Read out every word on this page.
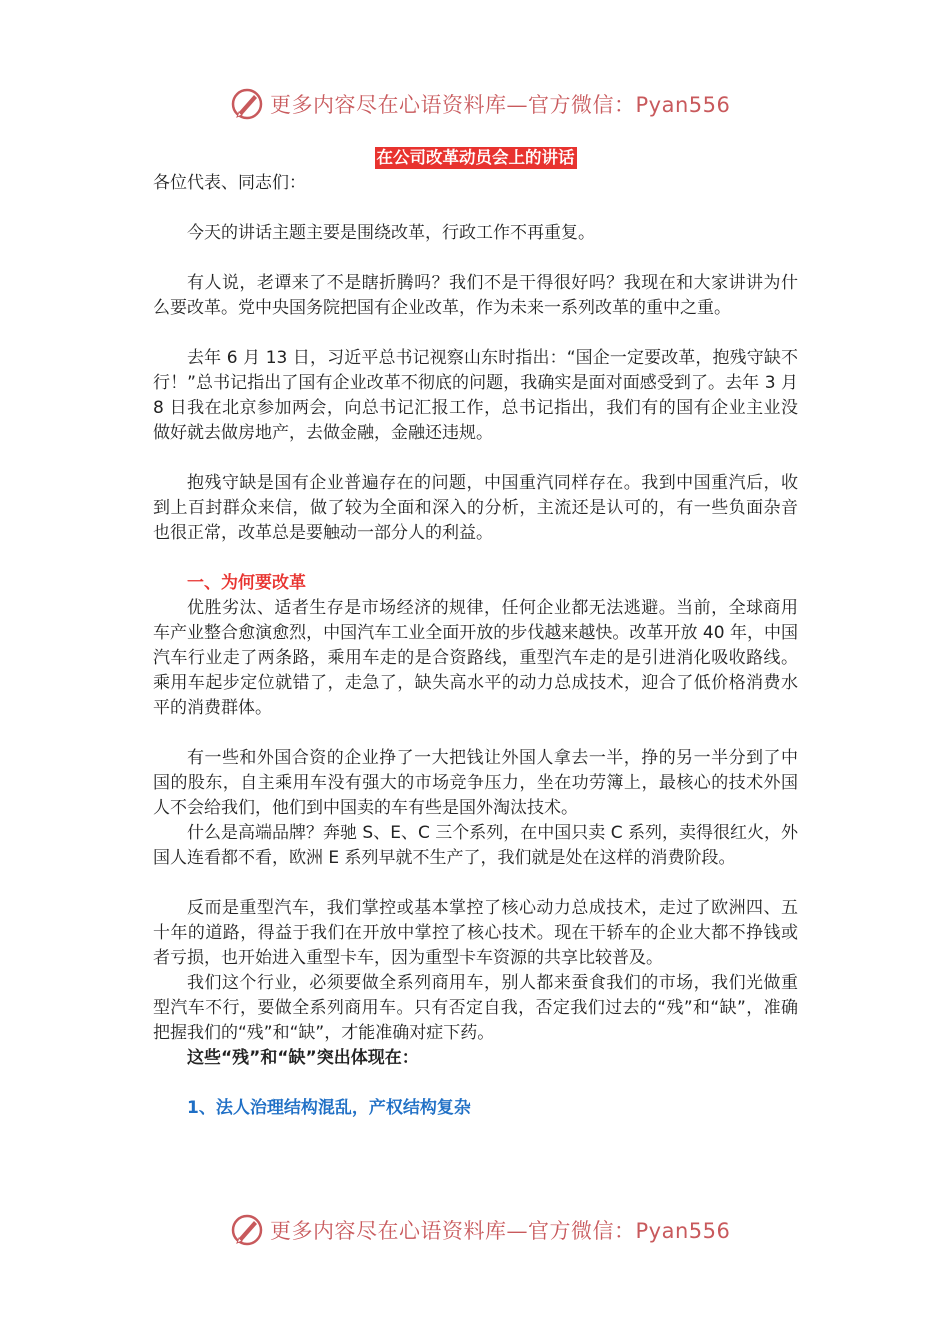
更多内容尽在心语资料库—官方微信：Pyan556
在公司改革动员会上的讲话

各位代表、同志们：

今天的讲话主题主要是围绕改革，行政工作不再重复。

有人说，老谭来了不是瞎折腾吗？我们不是干得很好吗？我现在和大家讲讲为什么要改革。党中央国务院把国有企业改革，作为未来一系列改革的重中之重。

去年 6 月 13 日，习近平总书记视察山东时指出：“国企一定要改革，抱残守缺不行！”总书记指出了国有企业改革不彻底的问题，我确实是面对面感受到了。去年 3 月 8 日我在北京参加两会，向总书记汇报工作，总书记指出，我们有的国有企业主业没做好就去做房地产，去做金融，金融还违规。

抱残守缺是国有企业普遍存在的问题，中国重汽同样存在。我到中国重汽后，收到上百封群众来信，做了较为全面和深入的分析，主流还是认可的，有一些负面杂音也很正常，改革总是要触动一部分人的利益。

一、为何要改革

优胜劣汰、适者生存是市场经济的规律，任何企业都无法逃避。当前，全球商用车产业整合愈演愈烈，中国汽车工业全面开放的步伐越来越快。改革开放 40 年，中国汽车行业走了两条路，乘用车走的是合资路线，重型汽车走的是引进消化吸收路线。乘用车起步定位就错了，走急了，缺失高水平的动力总成技术，迎合了低价格消费水平的消费群体。

有一些和外国合资的企业挣了一大把钱让外国人拿去一半，挣的另一半分到了中国的股东，自主乘用车没有强大的市场竞争压力，坐在功劳簿上，最核心的技术外国人不会给我们，他们到中国卖的车有些是国外淘汰技术。

什么是高端品牌？奔驰 S、E、C 三个系列，在中国只卖 C 系列，卖得很红火，外国人连看都不看，欧洲 E 系列早就不生产了，我们就是处在这样的消费阶段。

反而是重型汽车，我们掌控或基本掌控了核心动力总成技术，走过了欧洲四、五十年的道路，得益于我们在开放中掌控了核心技术。现在干轿车的企业大都不挣钱或者亏损，也开始进入重型卡车，因为重型卡车资源的共享比较普及。

我们这个行业，必须要做全系列商用车，别人都来蚕食我们的市场，我们光做重型汽车不行，要做全系列商用车。只有否定自我，否定我们过去的“残”和“缺”，准确把握我们的“残”和“缺”，才能准确对症下药。

这些“残”和“缺”突出体现在：

1、法人治理结构混乱，产权结构复杂

更多内容尽在心语资料库—官方微信：Pyan556
